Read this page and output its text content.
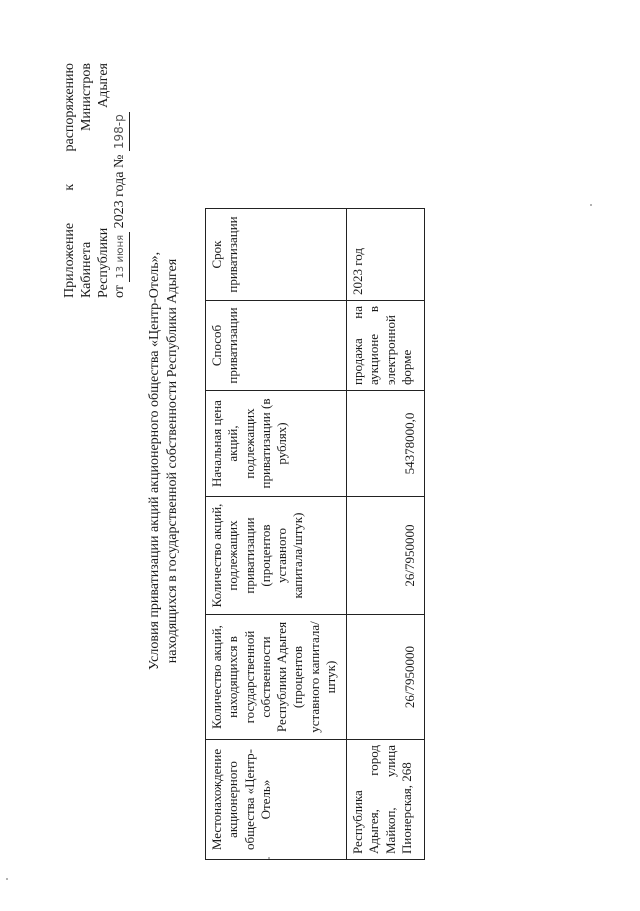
Приложение
к
распоряжению
Кабинета
Министров
Республики
Адыгея
от 13 июня 2023 года № 198-р
Условия приватизации акций акционерного общества «Центр-Отель», находящихся в государственной собственности Республики Адыгея
Местонахождение акционерного общества «Центр-Отель»	Количество акций, находящихся в государственной собственности Республики Адыгея (процентов уставного капитала/штук)	Количество акций, подлежащих приватизации (процентов уставного капитала/штук)	Начальная цена акций, подлежащих приватизации (в рублях)	Способ приватизации	Срок приватизации
Республика Адыгея, город Майкоп, улица Пионерская, 268	26/7950000	26/7950000	54378000,0	продажа на аукционе в электронной форме	2023 год
